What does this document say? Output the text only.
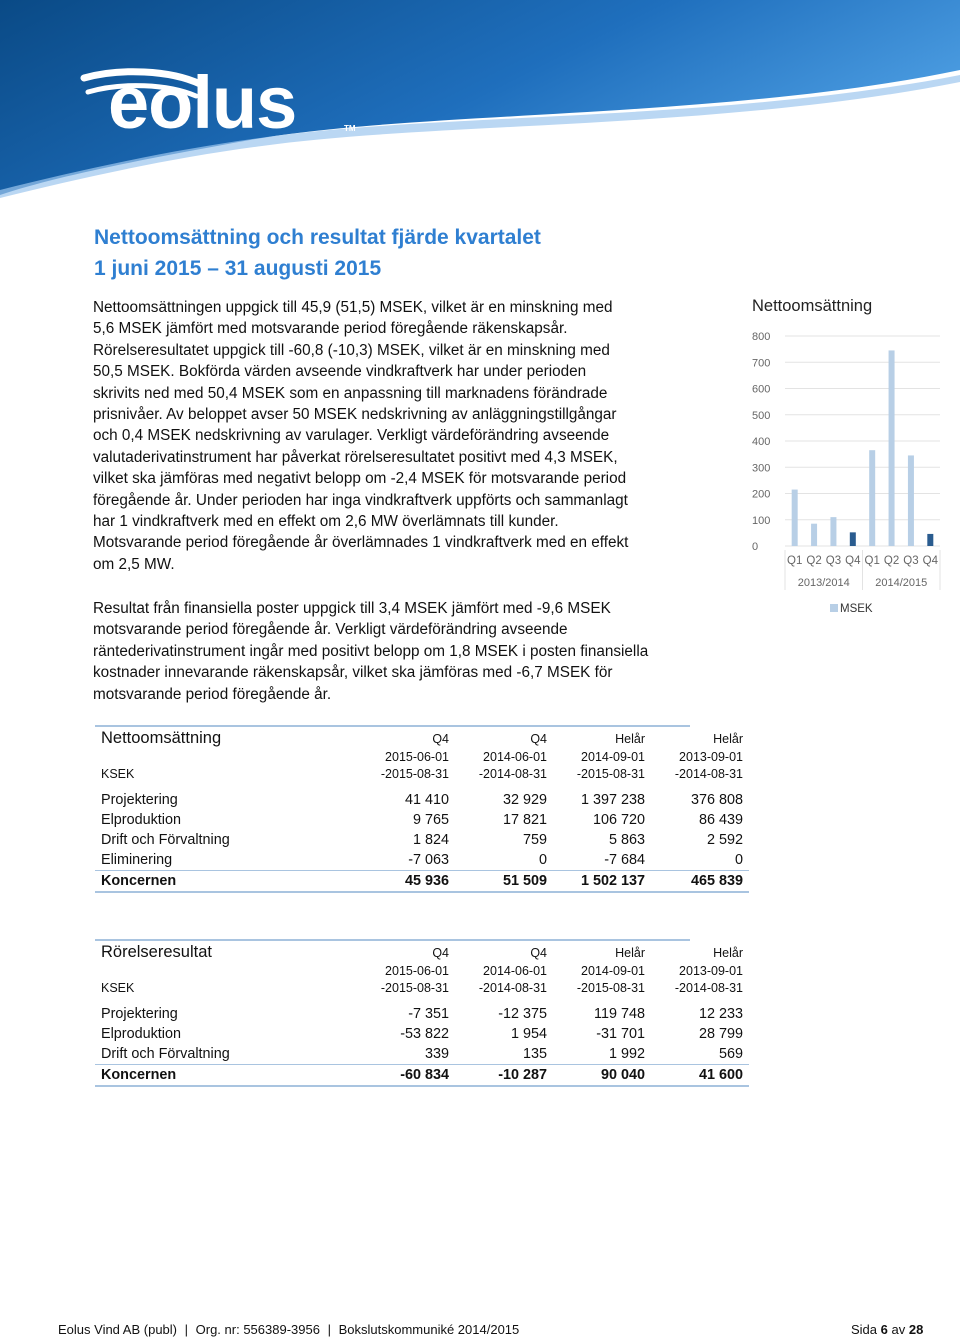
eolus	TM
Nettoomsättning och resultat fjärde kvartalet
1 juni 2015 – 31 augusti 2015

Nettoomsättningen uppgick till 45,9 (51,5) MSEK, vilket är en minskning med

5,6 MSEK jämfört med motsvarande period föregående räkenskapsår.

Rörelseresultatet uppgick till -60,8 (-10,3) MSEK, vilket är en minskning med

50,5 MSEK. Bokförda värden avseende vindkraftverk har under perioden

skrivits ned med 50,4 MSEK som en anpassning till marknadens förändrade

prisnivåer. Av beloppet avser 50 MSEK nedskrivning av anläggningstillgångar

och 0,4 MSEK nedskrivning av varulager. Verkligt värdeförändring avseende

valutaderivatinstrument har påverkat rörelseresultatet positivt med 4,3 MSEK,

vilket ska jämföras med negativt belopp om -2,4 MSEK för motsvarande period

föregående år. Under perioden har inga vindkraftverk uppförts och sammanlagt

har 1 vindkraftverk med en effekt om 2,6 MW överlämnats till kunder.

Motsvarande period föregående år överlämnades 1 vindkraftverk med en effekt

om 2,5 MW.

Resultat från finansiella poster uppgick till 3,4 MSEK jämfört med -9,6 MSEK

motsvarande period föregående år. Verkligt värdeförändring avseende

räntederivatinstrument ingår med positivt belopp om 1,8 MSEK i posten finansiella

kostnader innevarande räkenskapsår, vilket ska jämföras med -6,7 MSEK för

motsvarande period föregående år.

Nettoomsättning
0
100
200
300
400
500
600
700
800
Q1 Q2 Q3 Q4 Q1 Q2 Q3 Q4
2013/2014 2014/2015
MSEK
Nettoomsättning	Q4	Q4	Helår	Helår
	2015-06-01	2014-06-01	2014-09-01	2013-09-01
KSEK	-2015-08-31	-2014-08-31	-2015-08-31	-2014-08-31

Projektering	41 410	32 929	1 397 238	376 808
Elproduktion	9 765	17 821	106 720	86 439
Drift och Förvaltning	1 824	759	5 863	2 592
Eliminering	-7 063	0	-7 684	0
Koncernen	45 936	51 509	1 502 137	465 839
Rörelseresultat	Q4	Q4	Helår	Helår
	2015-06-01	2014-06-01	2014-09-01	2013-09-01
KSEK	-2015-08-31	-2014-08-31	-2015-08-31	-2014-08-31

Projektering	-7 351	-12 375	119 748	12 233
Elproduktion	-53 822	1 954	-31 701	28 799
Drift och Förvaltning	339	135	1 992	569
Koncernen	-60 834	-10 287	90 040	41 600
Eolus Vind AB (publ) | Org. nr: 556389-3956 | Bokslutskommuniké 2014/2015	Sida 6 av 28
